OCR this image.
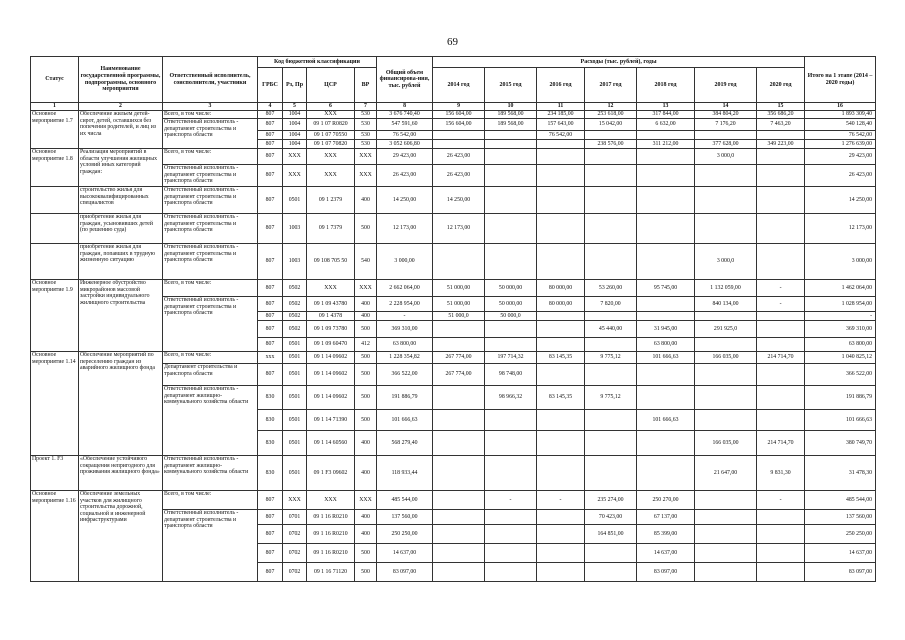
69
Статус	Наименование государственной программы, подпрограммы, основного мероприятия	Ответственный исполнитель, соисполнители, участники	Код бюджетной классификации				Общий объем финансирова-ния, тыс. рублей	Расходы (тыс. рублей), годы							Итого на 1 этапе (2014 – 2020 годы)
			ГРБС	Рз, Пр	ЦСР	ВР		2014 год	2015 год	2016 год	2017 год	2018 год	2019 год	2020 год	
1	2	3	4	5	6	7	8	9	10	11	12	13	14	15	16
Основное мероприятие 1.7	Обеспечение жильем детей-сирот, детей, оставшихся без попечения родителей, и лиц из их числа	Всего, в том числе:	807	1004	XXX	530	3 676 740,40	156 604,00	189 568,00	234 185,00	253 618,00	317 844,00	384 804,20	356 686,20	1 893 309,40
		Ответственный исполнитель - департамент строительства и транспорта области	807	1004	09 1 07 R0820	530	547 591,60	156 604,00	189 568,00	157 643,00	15 042,00	6 632,00	7 176,20	7 463,20	540 128,40
			807	1004	09 1 07 70550	530	76 542,00			76 542,00					76 542,00
			807	1004	09 1 07 70820	530	3 052 606,80				238 576,00	311 212,00	377 628,00	349 223,00	1 276 639,00
Основное мероприятие 1.8	Реализация мероприятий в области улучшения жилищных условий иных категорий граждан:	Всего, в том числе:	807	XXX	XXX	XXX	29 423,00	26 423,00					3 000,0		29 423,00
		Ответственный исполнитель - департамент строительства и транспорта области	807	XXX	XXX	XXX	26 423,00	26 423,00							26 423,00
	строительство жилья для высококвалифицированных специалистов	Ответственный исполнитель - департамент строительства и транспорта области	807	0501	09 1 2379	400	14 250,00	14 250,00							14 250,00
	приобретение жилья для граждан, усыновивших детей (по решению суда)	Ответственный исполнитель - департамент строительства и транспорта области	807	1003	09 1 7379	500	12 173,00	12 173,00							12 173,00
	приобретение жилья для граждан, попавших в трудную жизненную ситуацию	Ответственный исполнитель - департамент строительства и транспорта области	807	1003	09 108 705 50	540	3 000,00						3 000,0		3 000,00
Основное мероприятие 1.9	Инженерное обустройство микрорайонов массовой застройки индивидуального жилищного строительства	Всего, в том числе:	807	0502	XXX	XXX	2 662 064,00	51 000,00	50 000,00	80 000,00	53 260,00	95 745,00	1 132 059,00	-	1 462 064,00
		Ответственный исполнитель - департамент строительства и транспорта области	807	0502	09 1 09 43780	400	2 228 954,00	51 000,00	50 000,00	80 000,00	7 820,00		840 134,00	-	1 028 954,00
			807	0502	09 1 4378	400	-	51 000,0	50 000,0						-
			807	0502	09 1 09 73780	500	369 310,00				45 440,00	31 945,00	291 925,0		369 310,00
			807	0501	09 1 09 60470	412	63 800,00					63 800,00			63 800,00
Основное мероприятие 1.14	Обеспечение мероприятий по переселению граждан из аварийного жилищного фонда	Всего, в том числе:	xxx	0501	09 1 14 09602	500	1 228 354,82	267 774,00	197 714,32	83 145,35	9 775,12	101 666,63	166 035,00	214 714,70	1 040 825,12
		Департамент строительства и транспорта области	807	0501	09 1 14 09602	500	366 522,00	267 774,00	98 748,00						366 522,00
		Ответственный исполнитель - департамент жилищно-коммунального хозяйства области	830	0501	09 1 14 09602	500	191 886,79		98 966,32	83 145,35	9 775,12				191 886,79
			830	0501	09 1 14 71390	500	101 666,63					101 666,63			101 666,63
			830	0501	09 1 14 60560	400	568 279,40						166 035,00	214 714,70	380 749,70
Проект 1. F3	«Обеспечение устойчивого сокращения непригодного для проживания жилищного фонда»	Ответственный исполнитель - департамент жилищно-коммунального хозяйства области	830	0501	09 1 F3 09602	400	118 933,44						21 647,00	9 831,30	31 478,30
Основное мероприятие 1.16	Обеспечение земельных участков для жилищного строительства дорожной, социальной и инженерной инфраструктурами	Всего, в том числе:	807	XXX	XXX	XXX	485 544,00		-	-	235 274,00	250 270,00		-	485 544,00
		Ответственный исполнитель - департамент строительства и транспорта области	807	0701	09 1 16 R0210	400	137 560,00				70 423,00	67 137,00			137 560,00
			807	0702	09 1 16 R0210	400	250 250,00				164 851,00	85 399,00			250 250,00
			807	0702	09 1 16 R0210	500	14 637,00					14 637,00			14 637,00
			807	0702	09 1 16 71120	500	83 097,00					83 097,00			83 097,00
